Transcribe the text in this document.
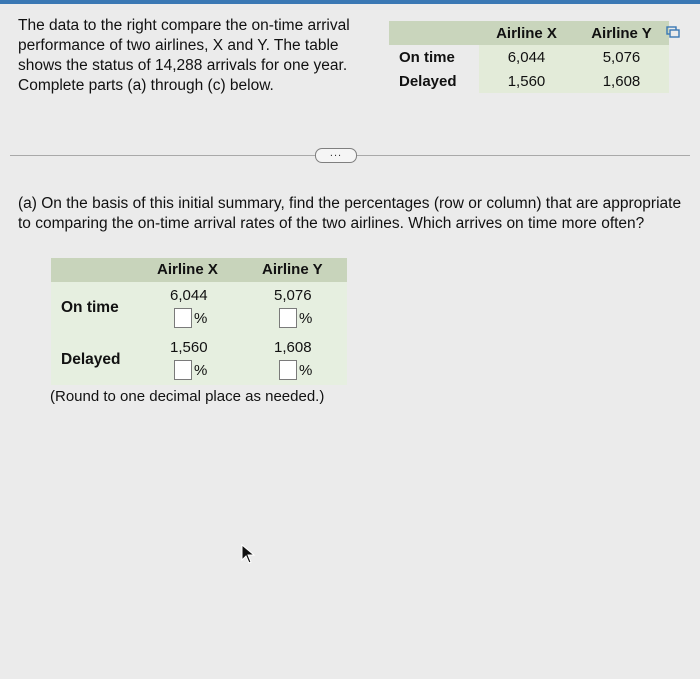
The data to the right compare the on-time arrival performance of two airlines, X and Y. The table shows the status of 14,288 arrivals for one year. Complete parts (a) through (c) below.
	Airline X	Airline Y
On time	6,044	5,076
Delayed	1,560	1,608
...
(a) On the basis of this initial summary, find the percentages (row or column) that are appropriate to comparing the on-time arrival rates of the two airlines. Which arrives on time more often?
Airline X	Airline Y
On time
6,044	5,076
%	%
Delayed
1,560	1,608
%	%
(Round to one decimal place as needed.)
